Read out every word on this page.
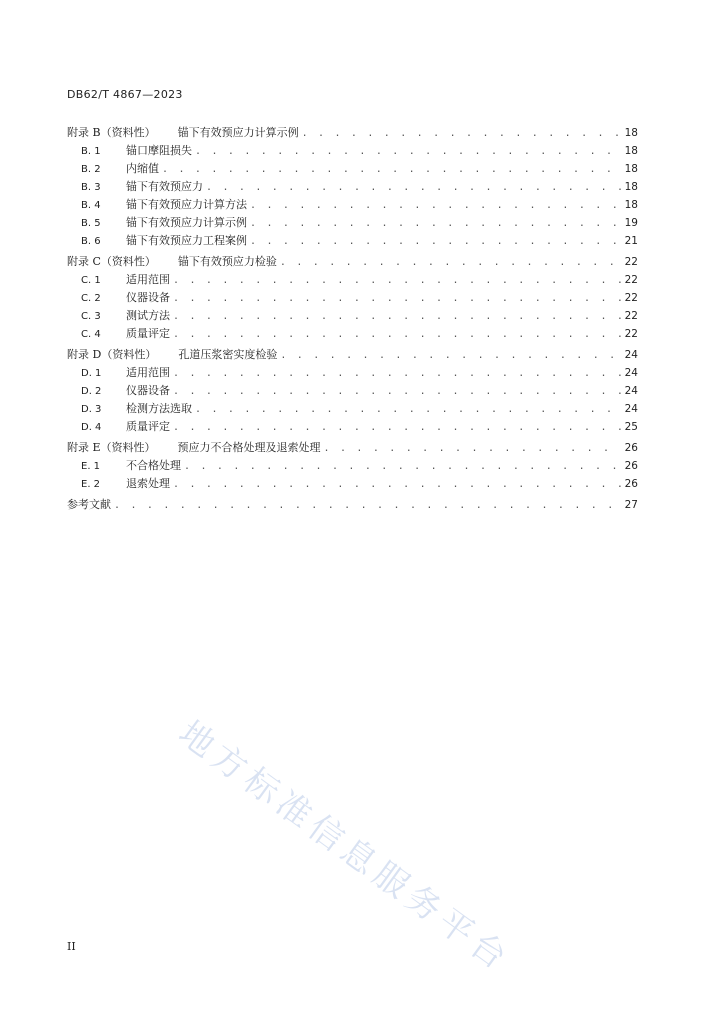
DB62/T 4867—2023
附录 B（资料性）	锚下有效预应力计算示例 . . .	18
B. 1	锚口摩阻损失 . . .	18
B. 2	内缩值 . . .	18
B. 3	锚下有效预应力 . . .	18
B. 4	锚下有效预应力计算方法 . . .	18
B. 5	锚下有效预应力计算示例 . . .	19
B. 6	锚下有效预应力工程案例 . . .	21
附录 C（资料性）	锚下有效预应力检验 . . .	22
C. 1	适用范围 . . .	22
C. 2	仪器设备 . . .	22
C. 3	测试方法 . . .	22
C. 4	质量评定 . . .	22
附录 D（资料性）	孔道压浆密实度检验 . . .	24
D. 1	适用范围 . . .	24
D. 2	仪器设备 . . .	24
D. 3	检测方法选取 . . .	24
D. 4	质量评定 . . .	25
附录 E（资料性）	预应力不合格处理及退索处理 . . .	26
E. 1	不合格处理 . . .	26
E. 2	退索处理 . . .	26
参考文献 . . .	27
地方标准信息服务平台
II
